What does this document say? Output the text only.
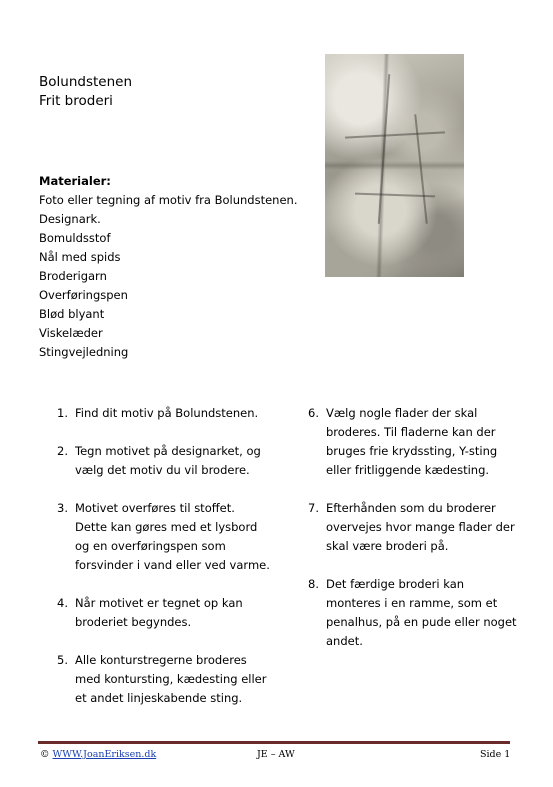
Bolundstenen
Frit broderi
Materialer:
Foto eller tegning af motiv fra Bolundstenen.
Designark.
Bomuldsstof
Nål med spids
Broderigarn
Overføringspen
Blød blyant
Viskelæder
Stingvejledning
1. Find dit motiv på Bolundstenen.
2. Tegn motivet på designarket, og
vælg det motiv du vil brodere.
3. Motivet overføres til stoffet.
Dette kan gøres med et lysbord
og en overføringspen som
forsvinder i vand eller ved varme.
4. Når motivet er tegnet op kan
broderiet begyndes.
5. Alle konturstregerne broderes
med kontursting, kædesting eller
et andet linjeskabende sting.
6. Vælg nogle flader der skal
broderes. Til fladerne kan der
bruges frie krydssting, Y-sting
eller fritliggende kædesting.
7. Efterhånden som du broderer
overvejes hvor mange flader der
skal være broderi på.
8. Det færdige broderi kan
monteres i en ramme, som et
penalhus, på en pude eller noget
andet.
© WWW.JoanEriksen.dk	JE – AW	Side 1
